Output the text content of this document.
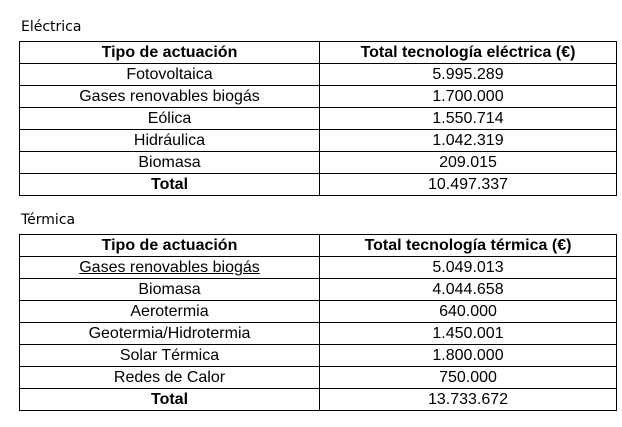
Eléctrica
Tipo de actuación	Total tecnología eléctrica (€)
Fotovoltaica	5.995.289
Gases renovables biogás	1.700.000
Eólica	1.550.714
Hidráulica	1.042.319
Biomasa	209.015
Total	10.497.337
Térmica
Tipo de actuación	Total tecnología térmica (€)
Gases renovables biogás	5.049.013
Biomasa	4.044.658
Aerotermia	640.000
Geotermia/Hidrotermia	1.450.001
Solar Térmica	1.800.000
Redes de Calor	750.000
Total	13.733.672
